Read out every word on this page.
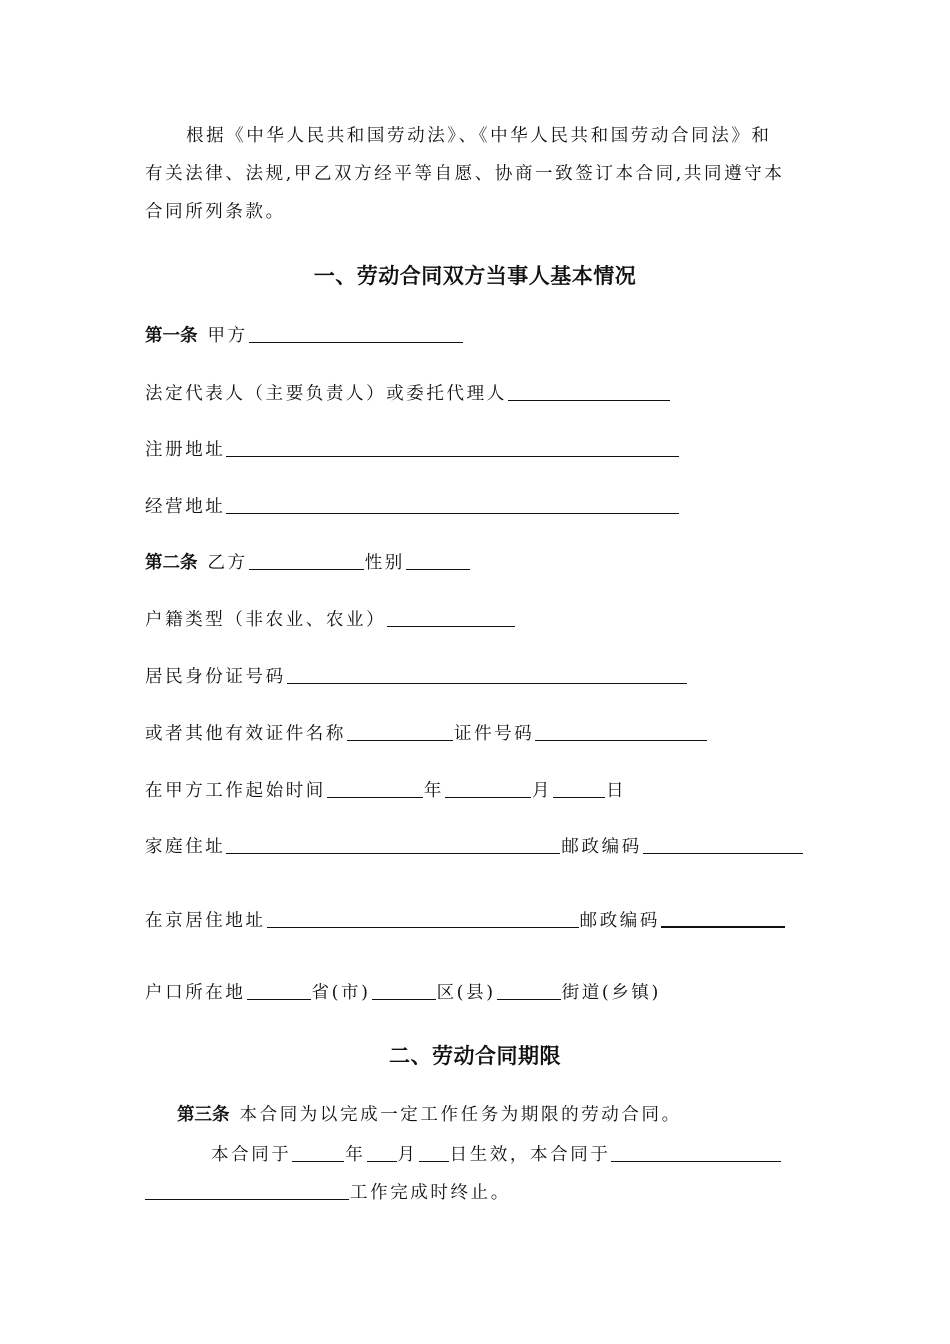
根据《中华人民共和国劳动法》、《中华人民共和国劳动合同法》和
有关法律、法规,甲乙双方经平等自愿、协商一致签订本合同,共同遵守本
合同所列条款。
一、劳动合同双方当事人基本情况
第一条 甲方
法定代表人（主要负责人）或委托代理人
注册地址
经营地址
第二条 乙方	性别
户籍类型（非农业、农业）
居民身份证号码
或者其他有效证件名称	证件号码
在甲方工作起始时间	年	月	日
家庭住址	邮政编码
在京居住地址	邮政编码
户口所在地	省(市)	区(县)	街道(乡镇)
二、劳动合同期限
第三条 本合同为以完成一定工作任务为期限的劳动合同。
本合同于	年 月 日生效，本合同于
工作完成时终止。
